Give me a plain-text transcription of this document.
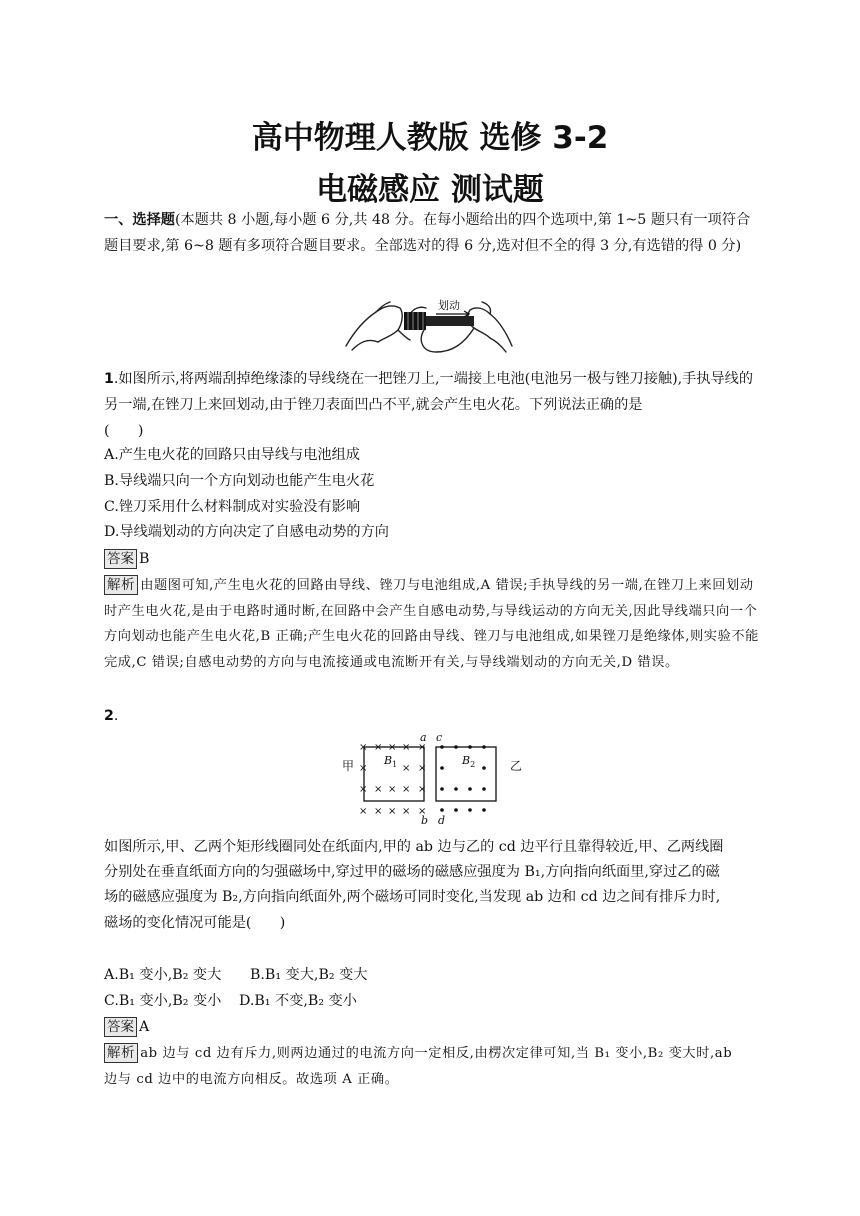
高中物理人教版 选修 3-2
电磁感应 测试题

一、选择题(本题共 8 小题,每小题 6 分,共 48 分。在每小题给出的四个选项中,第 1~5 题只有一项符合题目要求,第 6~8 题有多项符合题目要求。全部选对的得 6 分,选对但不全的得 3 分,有选错的得 0 分)

划动

1.如图所示,将两端刮掉绝缘漆的导线绕在一把锉刀上,一端接上电池(电池另一极与锉刀接触),手执导线的另一端,在锉刀上来回划动,由于锉刀表面凹凸不平,就会产生电火花。下列说法正确的是

(　　)
A.产生电火花的回路只由导线与电池组成
B.导线端只向一个方向划动也能产生电火花
C.锉刀采用什么材料制成对实验没有影响
D.导线端划动的方向决定了自感电动势的方向
答案 B

解析 由题图可知,产生电火花的回路由导线、锉刀与电池组成,A 错误;手执导线的另一端,在锉刀上来回划动时产生电火花,是由于电路时通时断,在回路中会产生自感电动势,与导线运动的方向无关,因此导线端只向一个方向划动也能产生电火花,B 正确;产生电火花的回路由导线、锉刀与电池组成,如果锉刀是绝缘体,则实验不能完成,C 错误;自感电动势的方向与电流接通或电流断开有关,与导线端划动的方向无关,D 错误。

2.
甲	乙
× × × × ×
×	× ×
× × × × ×
× × × × ×
a
b
c
d
$B_1$	$B_2$
如图所示,甲、乙两个矩形线圈同处在纸面内,甲的 ab 边与乙的 cd 边平行且靠得较近,甲、乙两线圈
分别处在垂直纸面方向的匀强磁场中,穿过甲的磁场的磁感应强度为 B₁,方向指向纸面里,穿过乙的磁
场的磁感应强度为 B₂,方向指向纸面外,两个磁场可同时变化,当发现 ab 边和 cd 边之间有排斥力时,
磁场的变化情况可能是(　　)
A.B₁ 变小,B₂ 变大 B.B₁ 变大,B₂ 变大
C.B₁ 变小,B₂ 变小 D.B₁ 不变,B₂ 变小
答案 A
解析 ab 边与 cd 边有斥力,则两边通过的电流方向一定相反,由楞次定律可知,当 B₁ 变小,B₂ 变大时,ab
边与 cd 边中的电流方向相反。故选项 A 正确。
